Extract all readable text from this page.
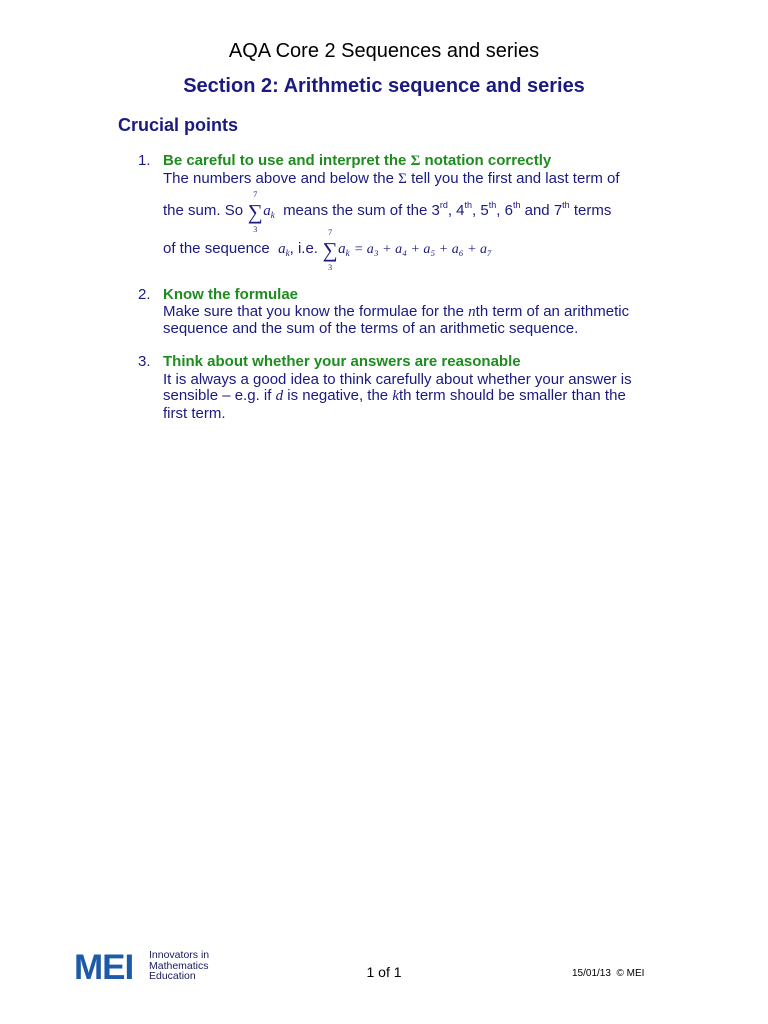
AQA Core 2 Sequences and series
Section 2: Arithmetic sequence and series
Crucial points
1. Be careful to use and interpret the Σ notation correctly
The numbers above and below the Σ tell you the first and last term of
the sum. So ∑
7
3
$a_k$ means the sum of the 3rd, 4th, 5th, 6th and 7th terms
of the sequence $a_k$, i.e. ∑
7
3
$a_k = a_3 + a_4 + a_5 + a_6 + a_7$
2. Know the formulae
Make sure that you know the formulae for the nth term of an arithmetic
sequence and the sum of the terms of an arithmetic sequence.
3. Think about whether your answers are reasonable
It is always a good idea to think carefully about whether your answer is
sensible – e.g. if d is negative, the kth term should be smaller than the
first term.
MEI Innovators in
Mathematics
Education	1 of 1	15/01/13 © MEI
